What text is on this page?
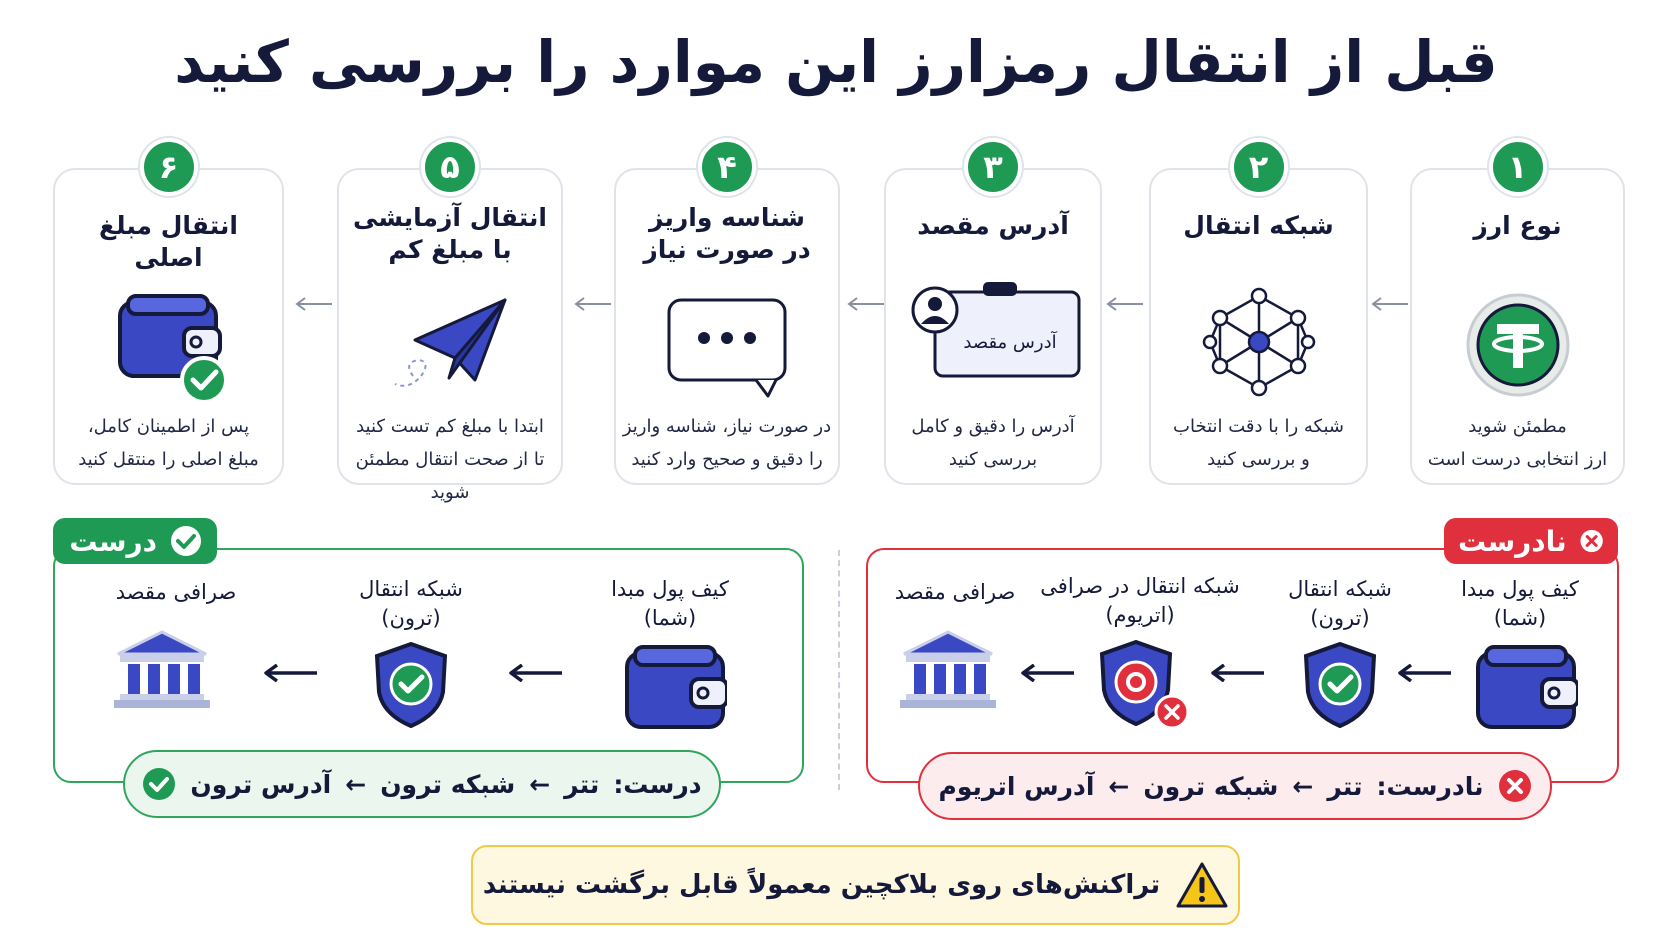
قبل از انتقال رمزارز این موارد را بررسی کنید
۶
انتقال مبلغ اصلی
پس از اطمینان کامل،
مبلغ اصلی را منتقل کنید
۵
انتقال آزمایشی
با مبلغ کم
ابتدا با مبلغ کم تست کنید
تا از صحت انتقال مطمئن شوید
۴
شناسه واریز
در صورت نیاز
در صورت نیاز، شناسه واریز
را دقیق و صحیح وارد کنید
۳
آدرس مقصد
آدرس مقصد
آدرس را دقیق و کامل
بررسی کنید
۲
شبکه انتقال
شبکه را با دقت انتخاب
و بررسی کنید
۱
نوع ارز
مطمئن شوید
ارز انتخابی درست است
درست
کیف پول مبدا
(شما)
شبکه انتقال
(ترون)
صرافی مقصد
درست:
تتر
←
شبکه ترون
←
آدرس ترون
نادرست
کیف پول مبدا
(شما)
شبکه انتقال
(ترون)
شبکه انتقال در صرافی
(اتریوم)
صرافی مقصد
نادرست:
تتر
←
شبکه ترون
←
آدرس اتریوم
تراکنش‌های روی بلاکچین معمولاً قابل برگشت نیستند
